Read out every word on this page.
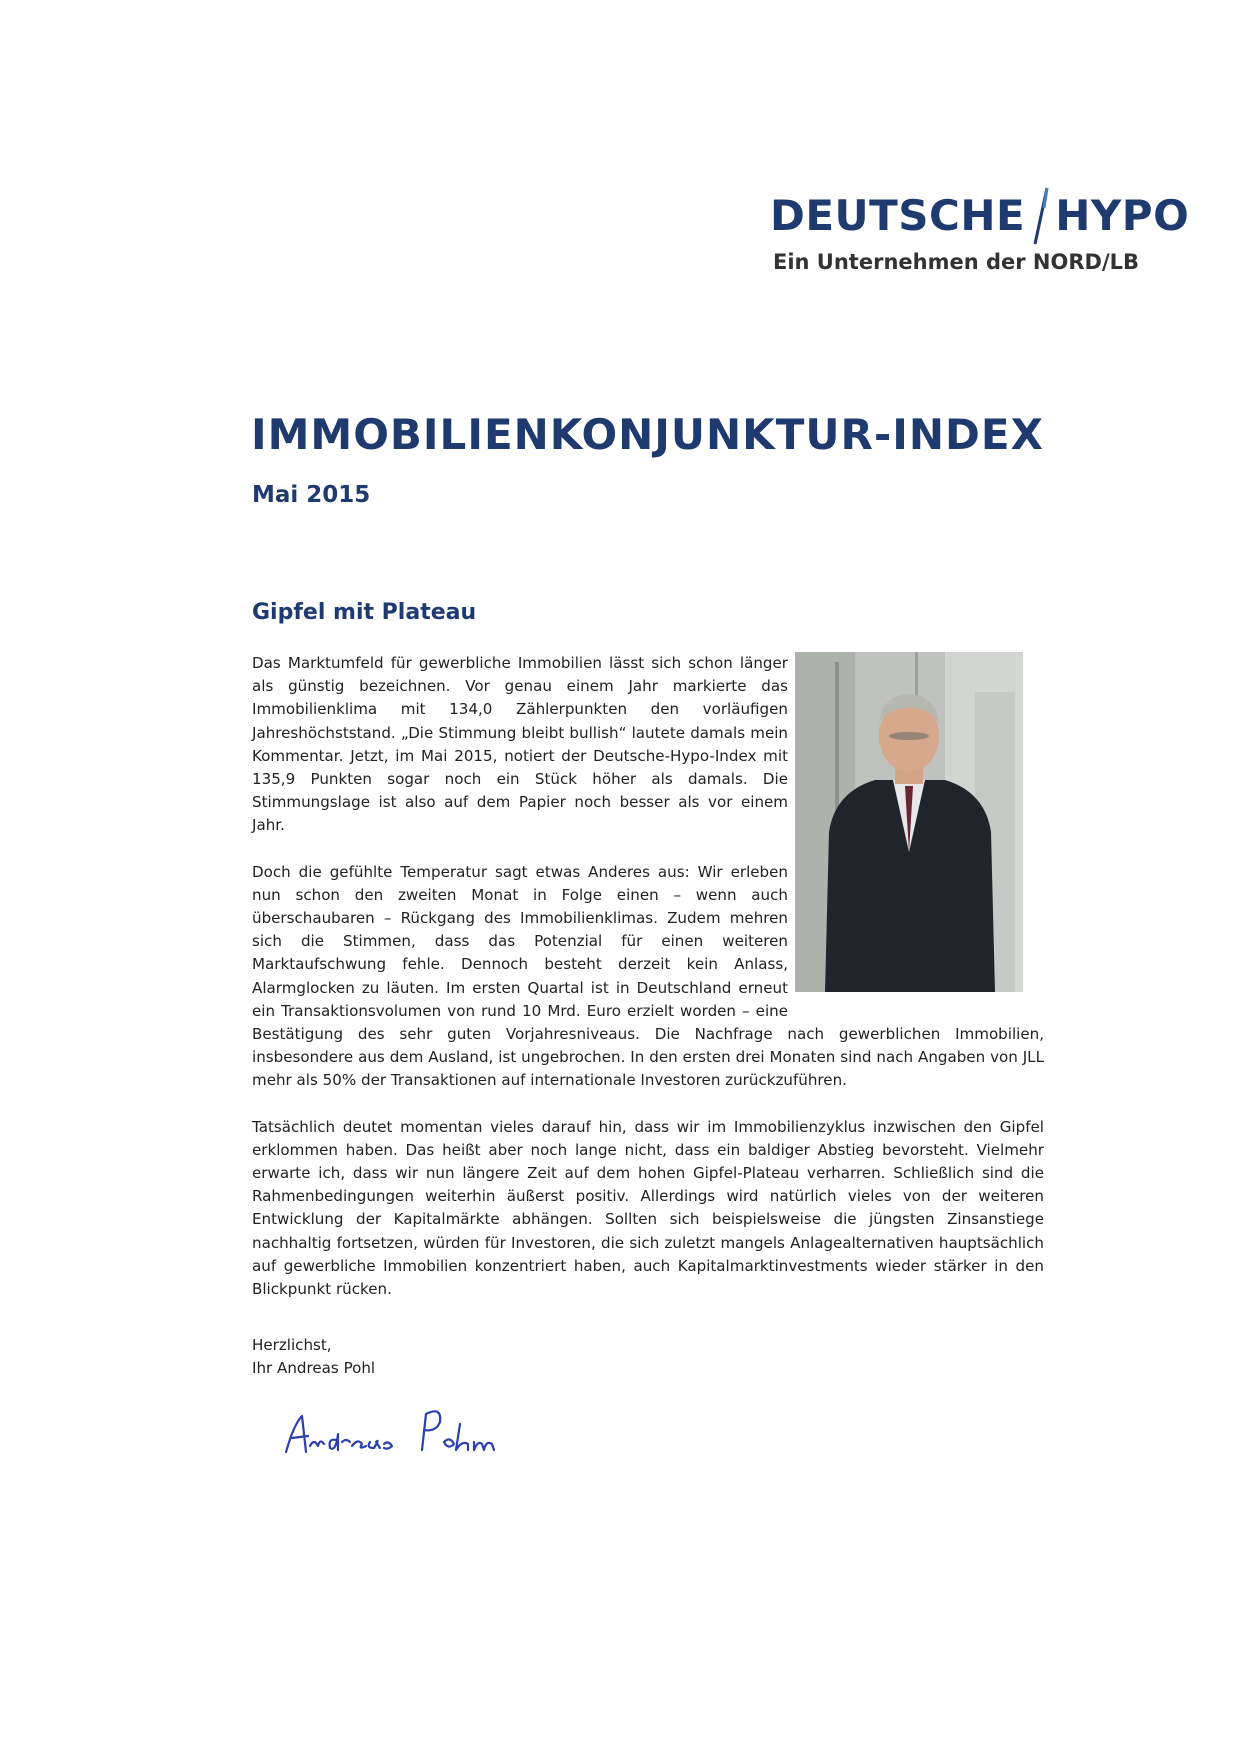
DEUTSCHE HYPO
Ein Unternehmen der NORD/LB
IMMOBILIENKONJUNKTUR-INDEX
Mai 2015
Gipfel mit Plateau

Das Marktumfeld für gewerbliche Immobilien lässt sich schon länger als günstig bezeichnen. Vor genau einem Jahr markierte das Immobilienklima mit 134,0 Zählerpunkten den vorläufigen Jahreshöchststand. „Die Stimmung bleibt bullish“ lautete damals mein Kommentar. Jetzt, im Mai 2015, notiert der Deutsche-Hypo-Index mit 135,9 Punkten sogar noch ein Stück höher als damals. Die Stimmungslage ist also auf dem Papier noch besser als vor einem Jahr.

Doch die gefühlte Temperatur sagt etwas Anderes aus: Wir erleben nun schon den zweiten Monat in Folge einen – wenn auch überschaubaren – Rückgang des Immobilienklimas. Zudem mehren sich die Stimmen, dass das Potenzial für einen weiteren Marktaufschwung fehle. Dennoch besteht derzeit kein Anlass, Alarmglocken zu läuten. Im ersten Quartal ist in Deutschland erneut ein Transaktionsvolumen von rund 10 Mrd. Euro erzielt worden – eine Bestätigung des sehr guten Vorjahresniveaus. Die Nachfrage nach gewerblichen Immobilien, insbesondere aus dem Ausland, ist ungebrochen. In den ersten drei Monaten sind nach Angaben von JLL mehr als 50% der Transaktionen auf internationale Investoren zurückzuführen.

Tatsächlich deutet momentan vieles darauf hin, dass wir im Immobilienzyklus inzwischen den Gipfel erklommen haben. Das heißt aber noch lange nicht, dass ein baldiger Abstieg bevorsteht. Vielmehr erwarte ich, dass wir nun längere Zeit auf dem hohen Gipfel-Plateau verharren. Schließlich sind die Rahmenbedingungen weiterhin äußerst positiv. Allerdings wird natürlich vieles von der weiteren Entwicklung der Kapitalmärkte abhängen. Sollten sich beispielsweise die jüngsten Zinsanstiege nachhaltig fortsetzen, würden für Investoren, die sich zuletzt mangels Anlagealternativen hauptsächlich auf gewerbliche Immobilien konzentriert haben, auch Kapitalmarktinvestments wieder stärker in den Blickpunkt rücken.

Herzlichst,
Ihr Andreas Pohl
